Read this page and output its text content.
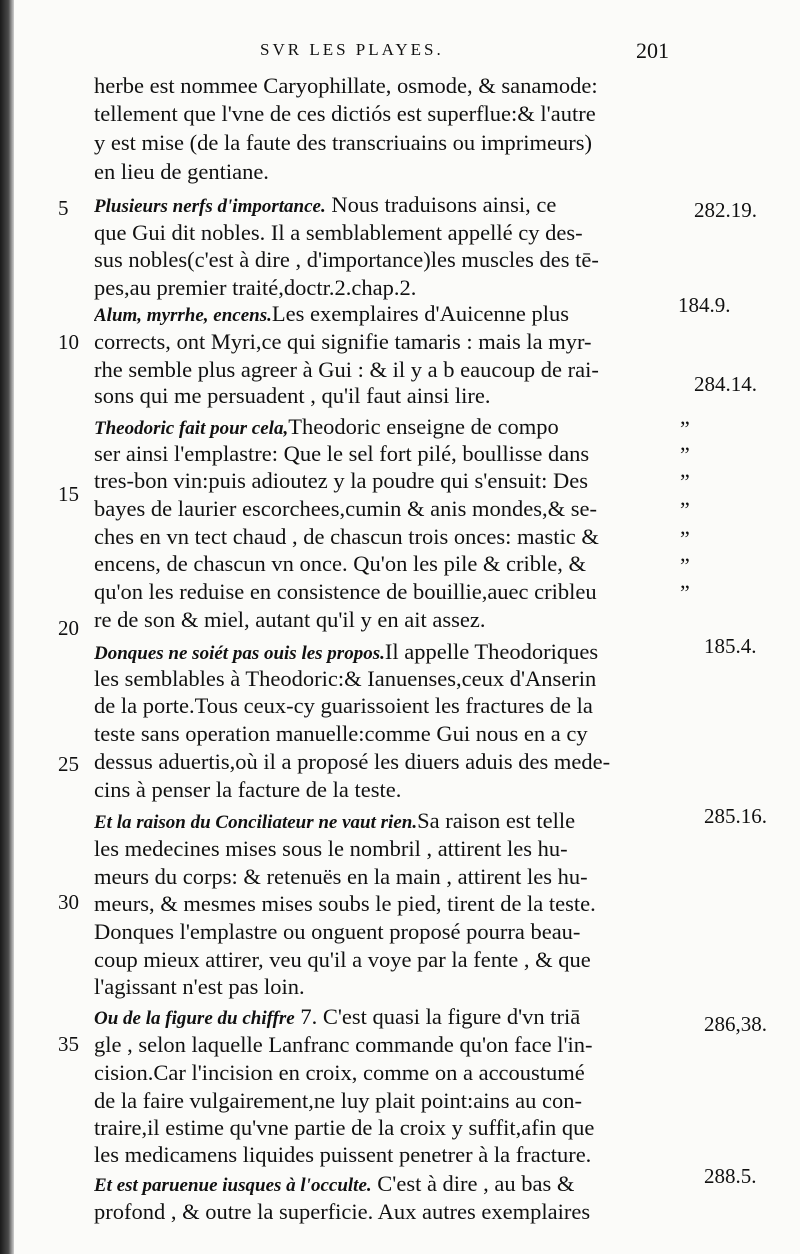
SVR LES PLAYES.	201
herbe est nommee Caryophillate, osmode, & sanamode:
tellement que l'vne de ces dictiós est superflue:& l'autre
y est mise (de la faute des transcriuains ou imprimeurs)
en lieu de gentiane.
Plusieurs nerfs d'importance. Nous traduisons ainsi, ce
que Gui dit nobles. Il a semblablement appellé cy des-
sus nobles(c'est à dire , d'importance)les muscles des tē-
pes,au premier traité,doctr.2.chap.2.
Alum, myrrhe, encens.Les exemplaires d'Auicenne plus
corrects, ont Myri,ce qui signifie tamaris : mais la myr-
rhe semble plus agreer à Gui : & il y a b eaucoup de rai-
sons qui me persuadent , qu'il faut ainsi lire.
Theodoric fait pour cela,Theodoric enseigne de compo
ser ainsi l'emplastre: Que le sel fort pilé, boullisse dans
tres-bon vin:puis adioutez y la poudre qui s'ensuit: Des
bayes de laurier escorchees,cumin & anis mondes,& se-
ches en vn tect chaud , de chascun trois onces: mastic &
encens, de chascun vn once. Qu'on les pile & crible, &
qu'on les reduise en consistence de bouillie,auec cribleu
re de son & miel, autant qu'il y en ait assez.
Donques ne soiét pas ouis les propos.Il appelle Theodoriques
les semblables à Theodoric:& Ianuenses,ceux d'Anserin
de la porte.Tous ceux-cy guarissoient les fractures de la
teste sans operation manuelle:comme Gui nous en a cy
dessus aduertis,où il a proposé les diuers aduis des mede-
cins à penser la facture de la teste.
Et la raison du Conciliateur ne vaut rien.Sa raison est telle
les medecines mises sous le nombril , attirent les hu-
meurs du corps: & retenuës en la main , attirent les hu-
meurs, & mesmes mises soubs le pied, tirent de la teste.
Donques l'emplastre ou onguent proposé pourra beau-
coup mieux attirer, veu qu'il a voye par la fente , & que
l'agissant n'est pas loin.
Ou de la figure du chiffre 7. C'est quasi la figure d'vn triā
gle , selon laquelle Lanfranc commande qu'on face l'in-
cision.Car l'incision en croix, comme on a accoustumé
de la faire vulgairement,ne luy plait point:ains au con-
traire,il estime qu'vne partie de la croix y suffit,afin que
les medicamens liquides puissent penetrer à la fracture.
Et est paruenue iusques à l'occulte. C'est à dire , au bas &
profond , & outre la superficie. Aux autres exemplaires
5
10
15
20
25
30
35
282.19.
184.9.
284.14.
185.4.
285.16.
286,38.
288.5.
”
”
”
”
”
”
”
